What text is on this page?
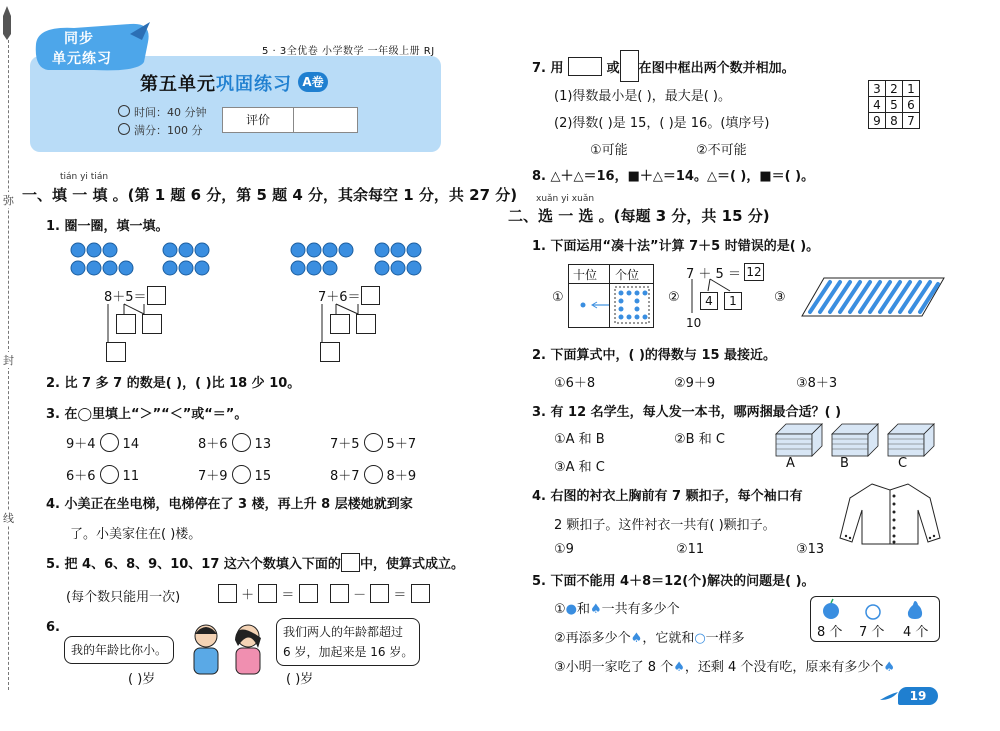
弥
封
线
同步
单元练习	5 · 3全优卷 小学数学 一年级上册 RJ
第五单元巩固练习 A卷
时间：40 分钟
满分：100 分
评价
tián yi tián
一、填 一 填 。(第 1 题 6 分，第 5 题 4 分，其余每空 1 分，共 27 分)
1. 圈一圈，填一填。
8＋5＝	7＋6＝
2. 比 7 多 7 的数是( )，( )比 18 少 10。
3. 在◯里填上“＞”“＜”或“＝”。
9＋4 14	8＋6 13	7＋5 5＋7
6＋6 11	7＋9 15	8＋7 8＋9
4. 小美正在坐电梯，电梯停在了 3 楼，再上升 8 层楼她就到家
了。小美家住在( )楼。
5. 把 4、6、8、9、10、17 这六个数填入下面的 中，使算式成立。
(每个数只能用一次)	＋  ＝	－  ＝
6.
我的年龄比你小。
我们两人的年龄都超过
6 岁，加起来是 16 岁。
( )岁	( )岁
7. 用	或 在图中框出两个数并相加。
(1)得数最小是( )，最大是( )。
(2)得数( )是 15，( )是 16。(填序号)
①可能	②不可能
3	2	1
4	5	6
9	8	7
8. △＋△＝16，■＋△＝14。△＝( )，■＝( )。
xuǎn yi xuǎn
二、选 一 选 。(每题 3 分，共 15 分)
1. 下面运用“凑十法”计算 7＋5 时错误的是( )。
①
十位 个位
②
7 ＋ 5 ＝ 12
4	1
10
③
2. 下面算式中，( )的得数与 15 最接近。
①6＋8	②9＋9	③8＋3
3. 有 12 名学生，每人发一本书，哪两捆最合适？( )
①A 和 B	②B 和 C
③A 和 C	A	B	C
4. 右图的衬衣上胸前有 7 颗扣子，每个袖口有
2 颗扣子。这件衬衣一共有( )颗扣子。
①9	②11	③13
5. 下面不能用 4＋8＝12(个)解决的问题是( )。
①●和♠一共有多少个
②再添多少个♠，它就和○一样多
③小明一家吃了 8 个♠，还剩 4 个没有吃，原来有多少个♠
8 个 7 个 4 个
19
